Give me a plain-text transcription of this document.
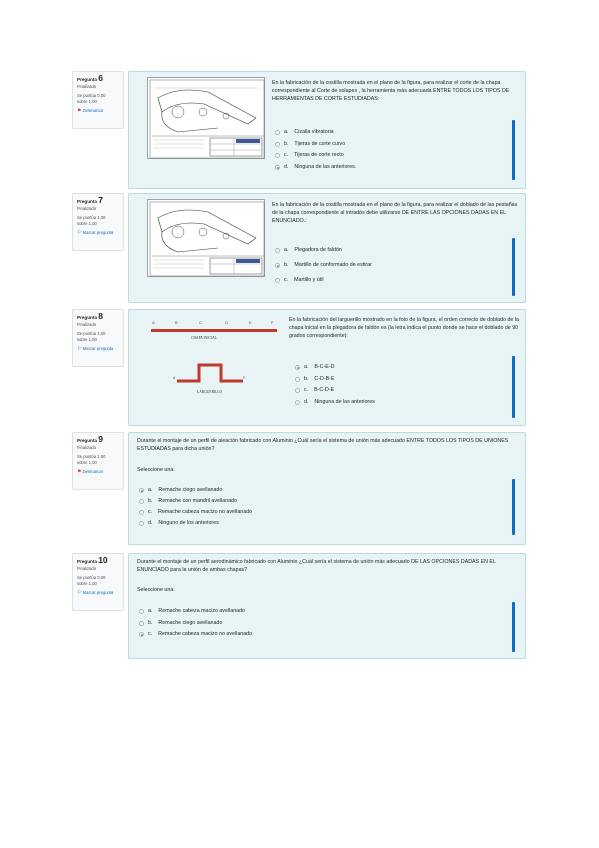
Pregunta 6
Finalizado
Se puntúa 0,00
sobre 1,00
⚑ Desmarcar
En la fabricación de la costilla mostrada en el plano de la figura, para realizar el corte de la chapa correspondiente al Corte de solapes , la herramienta más adecuada ENTRE TODOS LOS TIPOS DE HERRAMIENTAS DE CORTE ESTUDIADAS:
a. Cizalla vibratoria
b. Tijeras de corte curvo
c. Tijeras de corte recto
d. Ninguna de las anteriores.
Pregunta 7
Finalizado
Se puntúa 1,00
sobre 1,00
⚐ Marcar pregunta
En la fabricación de la costilla mostrada en el plano de la figura, para realizar el doblado de las pestañas de la chapa correspondiente al intradós debe utilizarse DE ENTRE LAS OPCIONES DADAS EN EL ENUNCIADO.:
a. Plegadora de faldón
b. Martillo de conformado de estirar
c. Martillo y útil
Pregunta 8
Finalizado
Se puntúa 1,00
sobre 1,00
⚐ Marcar pregunta
A	B	C	D	E	F
CHAPA INICIAL
A	F
LARGUERILLO
En la fabricación del larguerillo mostrado en la foto de la figura, el orden correcto de doblado de la chapa inicial en la plegadora de faldón es (la letra indica el punto donde se hace el doblado de 90 grados correspondiente):
a. B-C-E-D
b. C-D-B-E
c. B-C-D-E
d. Ninguna de las anteriores
Pregunta 9
Finalizado
Se puntúa 1,00
sobre 1,00
⚑ Desmarcar
Durante el montaje de un perfil de aleación fabricado con Aluminio ¿Cuál sería el sistema de unión más adecuado ENTRE TODOS LOS TIPOS DE UNIONES ESTUDIADAS para dicha unión?
Seleccione una:
a. Remache ciego avellanado
b. Remache con mandril avellanado
c. Remache cabeza macizo no avellanado
d. Ninguno de los anteriores
Pregunta 10
Finalizado
Se puntúa 0,00
sobre 1,00
⚐ Marcar pregunta
Durante el montaje de un perfil aerodinámico fabricado con Aluminio ¿Cuál sería el sistema de unión más adecuado DE LAS OPCIONES DADAS EN EL ENUNCIADO para la unión de ambas chapas?
Seleccione una:
a. Remache cabeza macizo avellanado
b. Remache ciego avellanado
c. Remache cabeza macizo no avellanado
